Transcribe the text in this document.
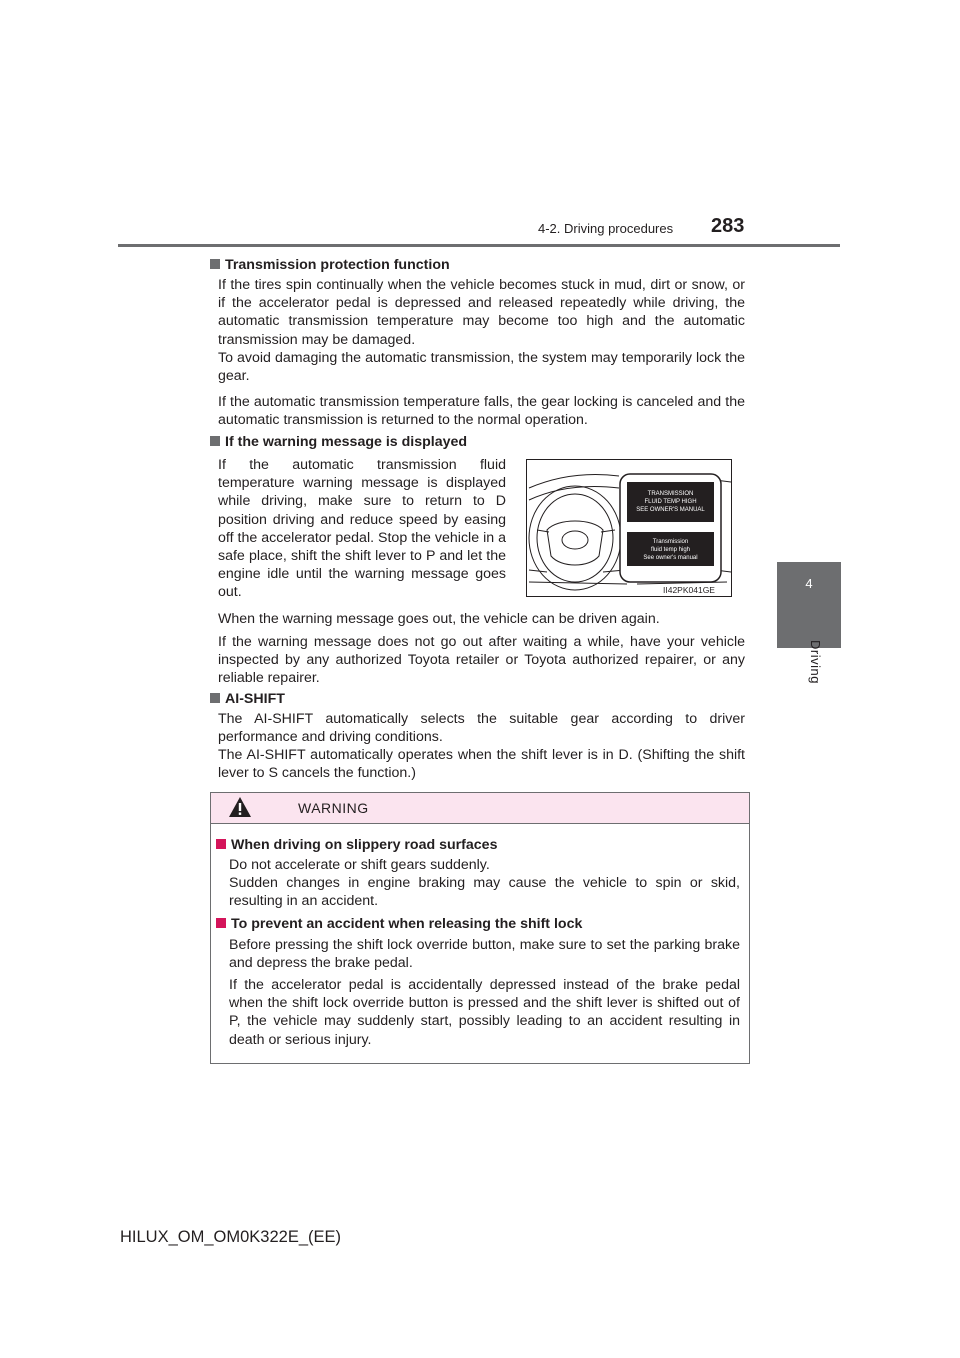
4-2. Driving procedures 283
4
Driving
Transmission protection function
If the tires spin continually when the vehicle becomes stuck in mud, dirt or snow, or if the accelerator pedal is depressed and released repeatedly while driving, the automatic transmission temperature may become too high and the automatic transmission may be damaged.
To avoid damaging the automatic transmission, the system may temporarily lock the gear.
If the automatic transmission temperature falls, the gear locking is canceled and the automatic transmission is returned to the normal operation.
If the warning message is displayed
If the automatic transmission fluid temperature warning message is displayed while driving, make sure to return to D position driving and reduce speed by easing off the accelerator pedal. Stop the vehicle in a safe place, shift the shift lever to P and let the engine idle until the warning message goes out.
TRANSMISSION
FLUID TEMP HIGH
SEE OWNER'S MANUAL
Transmission
fluid temp high
See owner's manual
II42PK041GE
When the warning message goes out, the vehicle can be driven again.
If the warning message does not go out after waiting a while, have your vehicle inspected by any authorized Toyota retailer or Toyota authorized repairer, or any reliable repairer.
AI-SHIFT
The AI-SHIFT automatically selects the suitable gear according to driver performance and driving conditions.
The AI-SHIFT automatically operates when the shift lever is in D. (Shifting the shift lever to S cancels the function.)
WARNING
When driving on slippery road surfaces
Do not accelerate or shift gears suddenly.
Sudden changes in engine braking may cause the vehicle to spin or skid, resulting in an accident.
To prevent an accident when releasing the shift lock
Before pressing the shift lock override button, make sure to set the parking brake and depress the brake pedal.
If the accelerator pedal is accidentally depressed instead of the brake pedal when the shift lock override button is pressed and the shift lever is shifted out of P, the vehicle may suddenly start, possibly leading to an accident resulting in death or serious injury.
HILUX_OM_OM0K322E_(EE)
